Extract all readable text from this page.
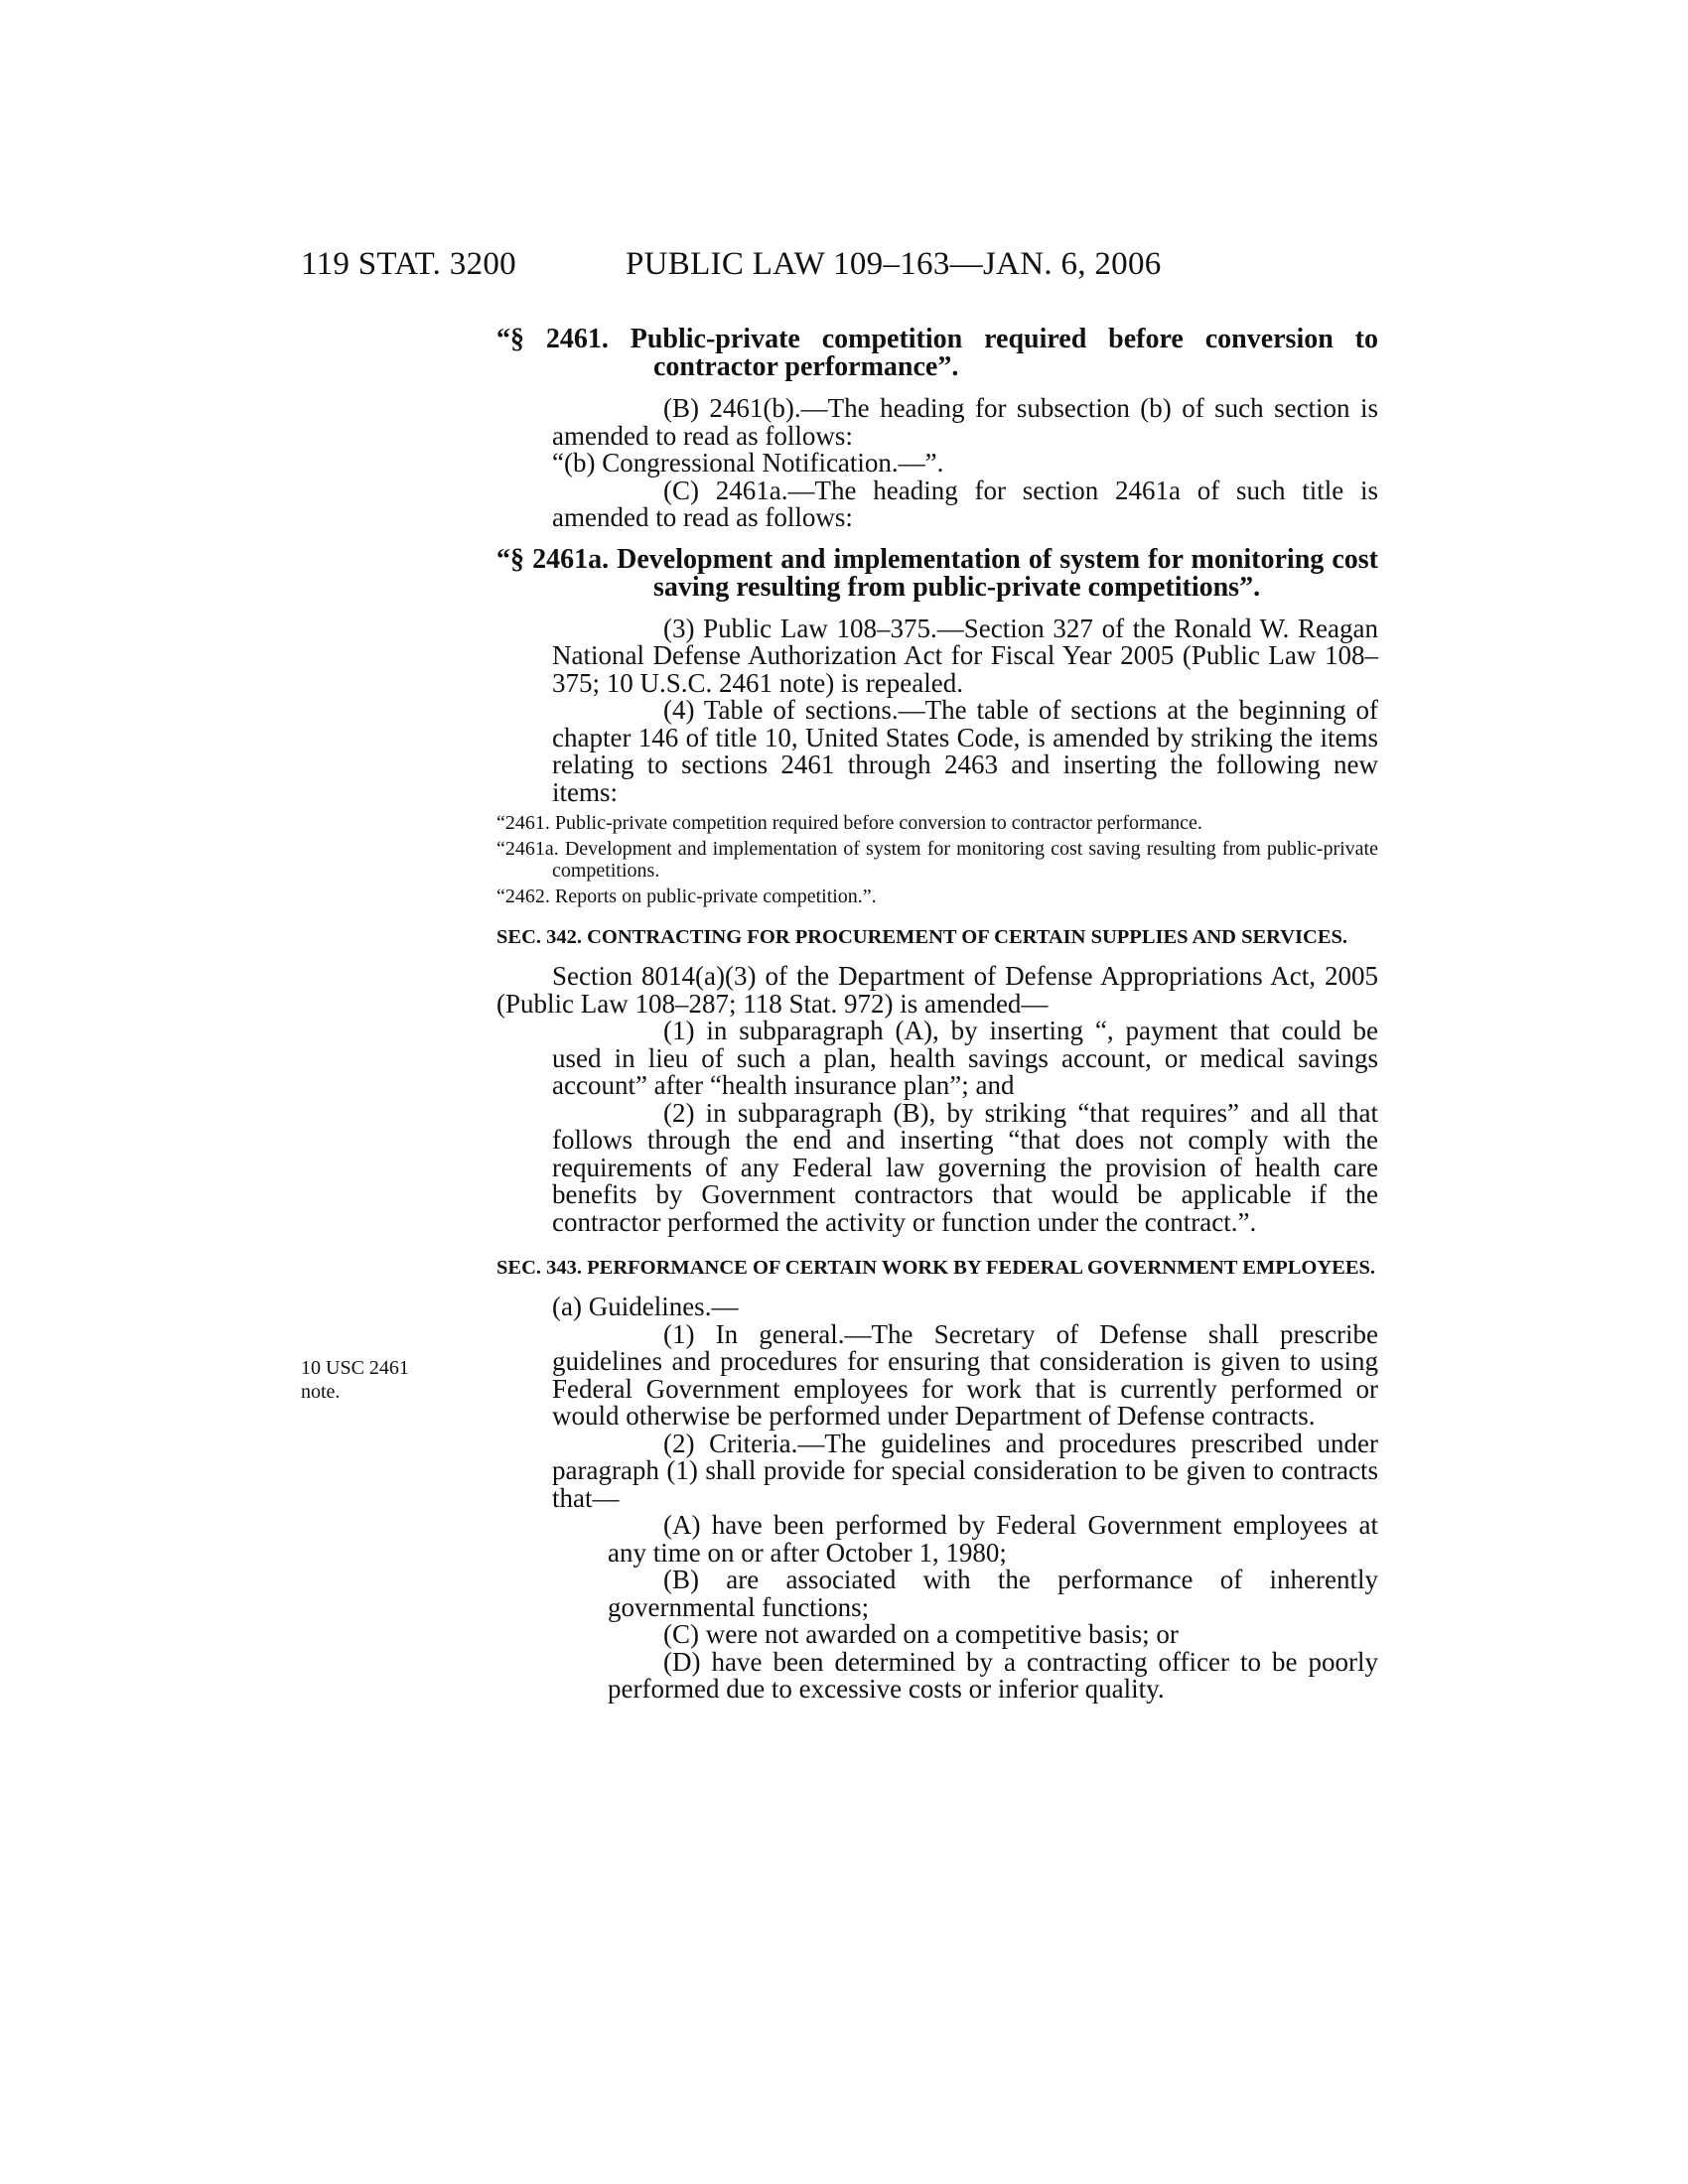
119 STAT. 3200	PUBLIC LAW 109–163—JAN. 6, 2006
10 USC 2461
note.

“§ 2461. Public-private competition required before conversion to contractor performance”.

(B) 2461(b).—The heading for subsection (b) of such section is amended to read as follows:

“(b) Congressional Notification.—”.

(C) 2461a.—The heading for section 2461a of such title is amended to read as follows:

“§ 2461a. Development and implementation of system for monitoring cost saving resulting from public-private competitions”.

(3) Public Law 108–375.—Section 327 of the Ronald W. Reagan National Defense Authorization Act for Fiscal Year 2005 (Public Law 108–375; 10 U.S.C. 2461 note) is repealed.

(4) Table of sections.—The table of sections at the beginning of chapter 146 of title 10, United States Code, is amended by striking the items relating to sections 2461 through 2463 and inserting the following new items:

“2461. Public-private competition required before conversion to contractor performance.

“2461a. Development and implementation of system for monitoring cost saving resulting from public-private competitions.

“2462. Reports on public-private competition.”.

SEC. 342. CONTRACTING FOR PROCUREMENT OF CERTAIN SUPPLIES AND SERVICES.

Section 8014(a)(3) of the Department of Defense Appropriations Act, 2005 (Public Law 108–287; 118 Stat. 972) is amended—

(1) in subparagraph (A), by inserting “, payment that could be used in lieu of such a plan, health savings account, or medical savings account” after “health insurance plan”; and

(2) in subparagraph (B), by striking “that requires” and all that follows through the end and inserting “that does not comply with the requirements of any Federal law governing the provision of health care benefits by Government contractors that would be applicable if the contractor performed the activity or function under the contract.”.

SEC. 343. PERFORMANCE OF CERTAIN WORK BY FEDERAL GOVERNMENT EMPLOYEES.

(a) Guidelines.—

(1) In general.—The Secretary of Defense shall prescribe guidelines and procedures for ensuring that consideration is given to using Federal Government employees for work that is currently performed or would otherwise be performed under Department of Defense contracts.

(2) Criteria.—The guidelines and procedures prescribed under paragraph (1) shall provide for special consideration to be given to contracts that—

(A) have been performed by Federal Government employees at any time on or after October 1, 1980;

(B) are associated with the performance of inherently governmental functions;

(C) were not awarded on a competitive basis; or

(D) have been determined by a contracting officer to be poorly performed due to excessive costs or inferior quality.
